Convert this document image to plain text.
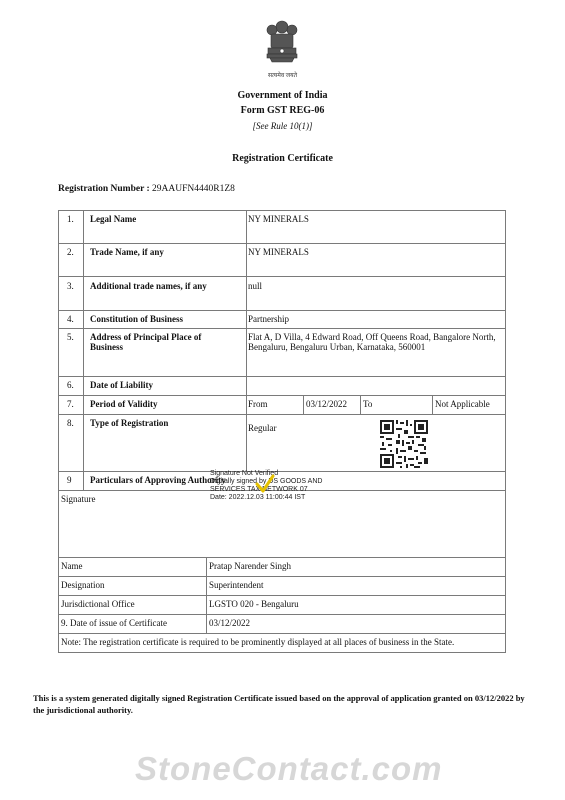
सत्यमेव जयते
Government of India
Form GST REG-06
[See Rule 10(1)]
Registration Certificate
Registration Number : 29AAUFN4440R1Z8
1. Legal Name	NY MINERALS
2. Trade Name, if any	NY MINERALS
3. Additional trade names, if any	null
4. Constitution of Business	Partnership
5. Address of Principal Place of Business
Flat A, D Villa, 4 Edward Road, Off Queens Road, Bangalore North, Bengaluru, Bengaluru Urban, Karnataka, 560001
6. Date of Liability
7. Period of Validity	From	03/12/2022 To	Not Applicable
8. Type of Registration	Regular
9 Particulars of Approving Authority
Signature
Signature Not Verified
Digitally signed by DS GOODS AND
SERVICES TAX NETWORK 07
Date: 2022.12.03 11:00:44 IST
Name	Pratap Narender Singh
Designation	Superintendent
Jurisdictional Office	LGSTO 020 - Bengaluru
9. Date of issue of Certificate	03/12/2022
Note: The registration certificate is required to be prominently displayed at all places of business in the State.
This is a system generated digitally signed Registration Certificate issued based on the approval of application granted on 03/12/2022 by the jurisdictional authority.
StoneContact.com
